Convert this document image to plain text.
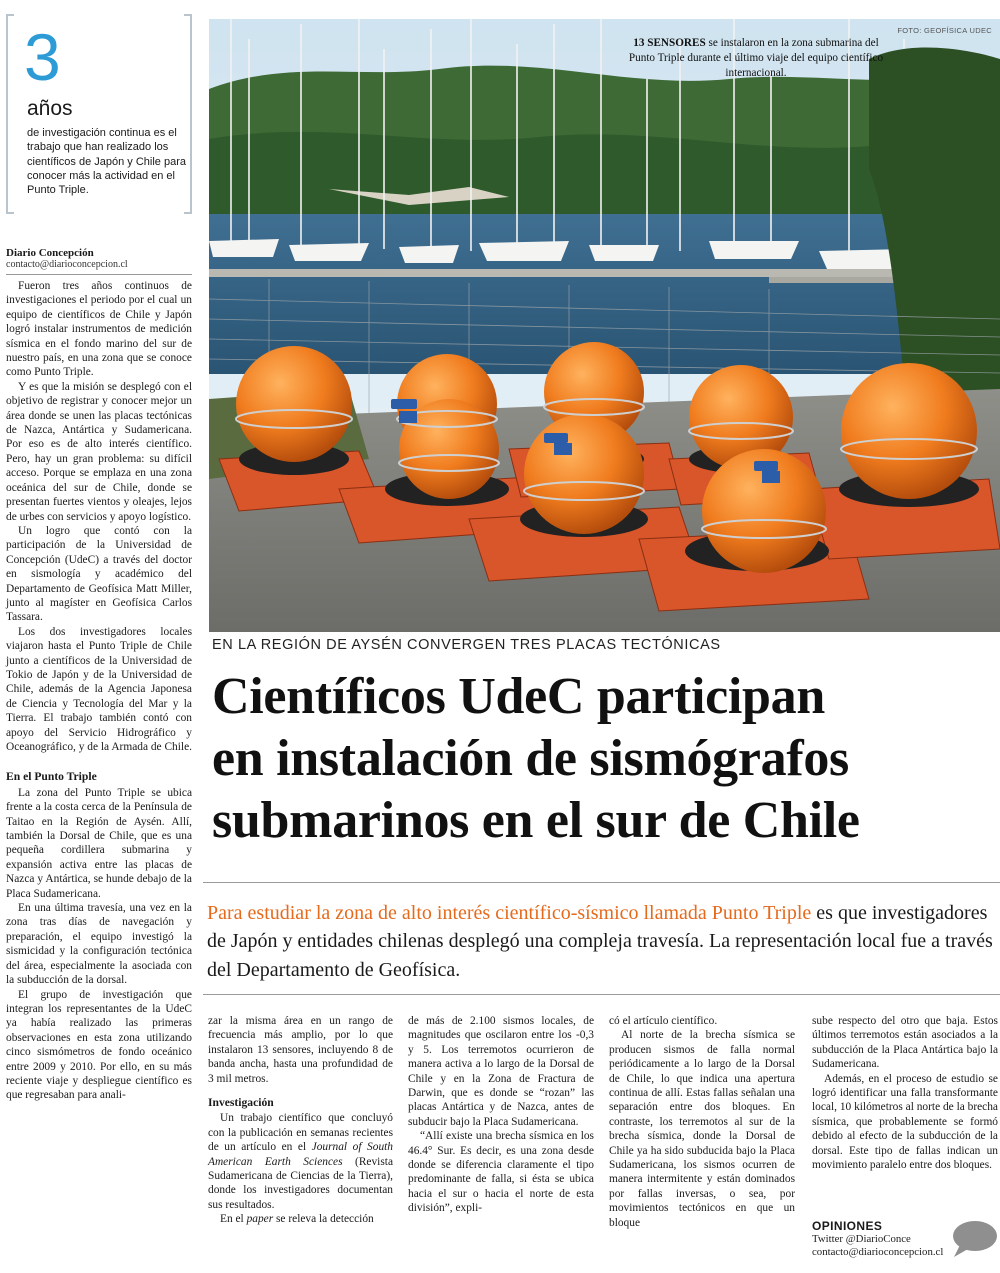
3
años
de investigación continua es el trabajo que han realizado los científicos de Japón y Chile para conocer más la actividad en el Punto Triple.
Diario Concepción
contacto@diarioconcepcion.cl

Fueron tres años continuos de investigaciones el periodo por el cual un equipo de científicos de Chile y Japón logró instalar instrumentos de medición sísmica en el fondo marino del sur de nuestro país, en una zona que se conoce como Punto Triple.

Y es que la misión se desplegó con el objetivo de registrar y conocer mejor un área donde se unen las placas tectónicas de Nazca, Antártica y Sudamericana. Por eso es de alto interés científico. Pero, hay un gran problema: su difícil acceso. Porque se emplaza en una zona oceánica del sur de Chile, donde se presentan fuertes vientos y oleajes, lejos de urbes con servicios y apoyo logístico.

Un logro que contó con la participación de la Universidad de Concepción (UdeC) a través del doctor en sismología y académico del Departamento de Geofísica Matt Miller, junto al magíster en Geofísica Carlos Tassara.

Los dos investigadores locales viajaron hasta el Punto Triple de Chile junto a científicos de la Universidad de Tokio de Japón y de la Universidad de Chile, además de la Agencia Japonesa de Ciencia y Tecnología del Mar y la Tierra. El trabajo también contó con apoyo del Servicio Hidrográfico y Oceanográfico, y de la Armada de Chile.

En el Punto Triple

La zona del Punto Triple se ubica frente a la costa cerca de la Península de Taitao en la Región de Aysén. Allí, también la Dorsal de Chile, que es una pequeña cordillera submarina y expansión activa entre las placas de Nazca y Antártica, se hunde debajo de la Placa Sudamericana.

En una última travesía, una vez en la zona tras días de navegación y preparación, el equipo investigó la sismicidad y la configuración tectónica del área, especialmente la asociada con la subducción de la dorsal.

El grupo de investigación que integran los representantes de la UdeC ya había realizado las primeras observaciones en esta zona utilizando cinco sismómetros de fondo oceánico entre 2009 y 2010. Por ello, en su más reciente viaje y despliegue científico es que regresaban para anali-

FOTO: GEOFÍSICA UDEC
13 SENSORES se instalaron en la zona submarina del Punto Triple durante el último viaje del equipo científico internacional.
EN LA REGIÓN DE AYSÉN CONVERGEN TRES PLACAS TECTÓNICAS
Científicos UdeC participan
en instalación de sismógrafos
submarinos en el sur de Chile
Para estudiar la zona de alto interés científico-sísmico llamada Punto Triple es que investigadores de Japón y entidades chilenas desplegó una compleja travesía. La representación local fue a través del Departamento de Geofísica.

zar la misma área en un rango de frecuencia más amplio, por lo que instalaron 13 sensores, incluyendo 8 de banda ancha, hasta una profundidad de 3 mil metros.

Investigación

Un trabajo científico que concluyó con la publicación en semanas recientes de un artículo en el Journal of South American Earth Sciences (Revista Sudamericana de Ciencias de la Tierra), donde los investigadores documentan sus resultados.

En el paper se releva la detección

de más de 2.100 sismos locales, de magnitudes que oscilaron entre los -0,3 y 5. Los terremotos ocurrieron de manera activa a lo largo de la Dorsal de Chile y en la Zona de Fractura de Darwin, que es donde se “rozan” las placas Antártica y de Nazca, antes de subducir bajo la Placa Sudamericana.

“Allí existe una brecha sísmica en los 46.4° Sur. Es decir, es una zona desde donde se diferencia claramente el tipo predominante de falla, si ésta se ubica hacia el sur o hacia el norte de esta división”, expli-

có el artículo científico.

Al norte de la brecha sísmica se producen sismos de falla normal periódicamente a lo largo de la Dorsal de Chile, lo que indica una apertura continua de allí. Estas fallas señalan una separación entre dos bloques. En contraste, los terremotos al sur de la brecha sísmica, donde la Dorsal de Chile ya ha sido subducida bajo la Placa Sudamericana, los sismos ocurren de manera intermitente y están dominados por fallas inversas, o sea, por movimientos tectónicos en que un bloque

sube respecto del otro que baja. Estos últimos terremotos están asociados a la subducción de la Placa Antártica bajo la Sudamericana.

Además, en el proceso de estudio se logró identificar una falla transformante local, 10 kilómetros al norte de la brecha sísmica, que probablemente se formó debido al efecto de la subducción de la dorsal. Este tipo de fallas indican un movimiento paralelo entre dos bloques.

OPINIONES
Twitter @DiarioConce
contacto@diarioconcepcion.cl
